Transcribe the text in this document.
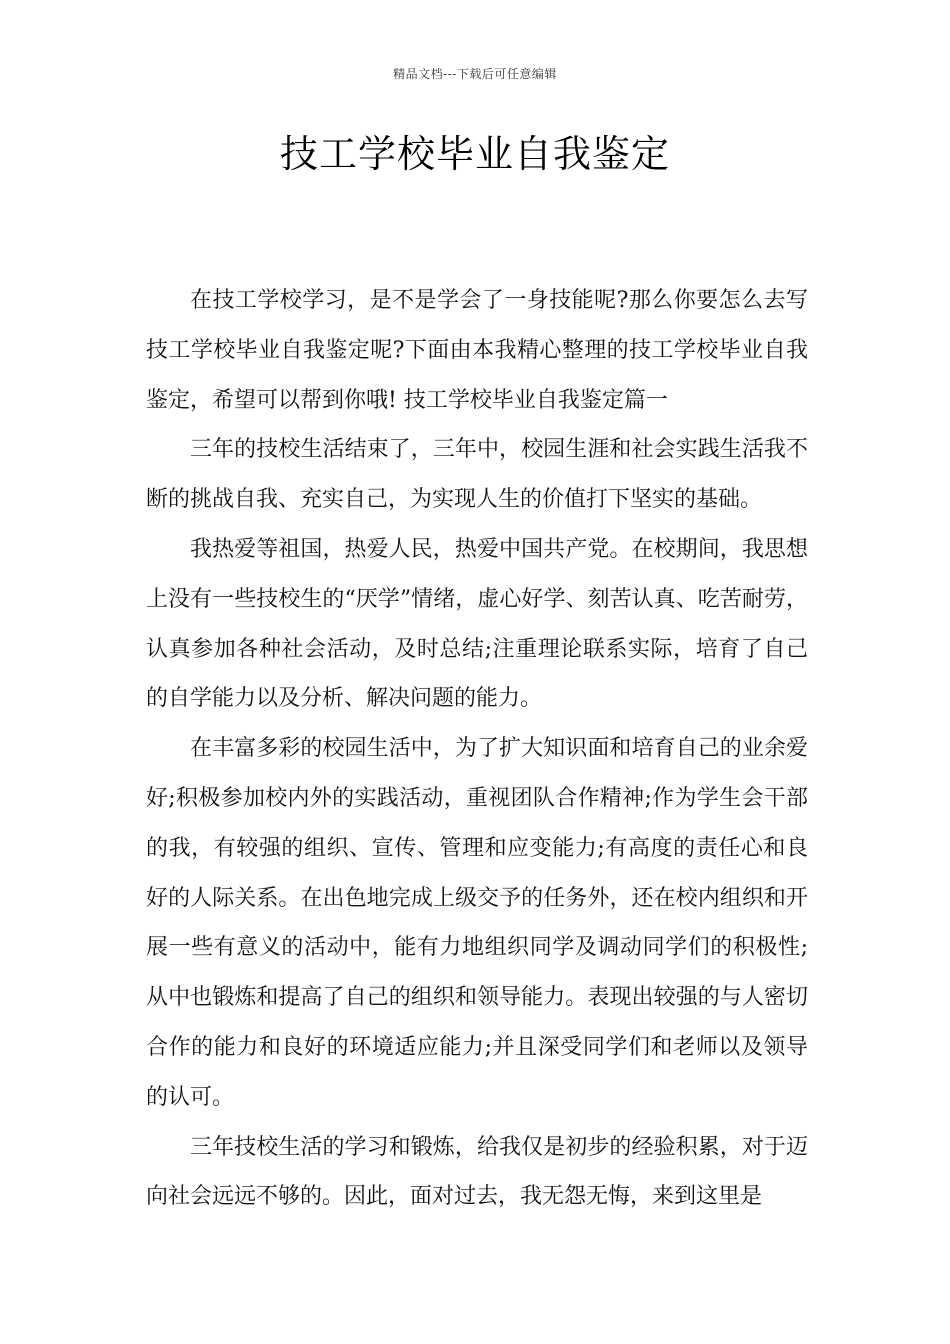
精品文档---下载后可任意编辑
技工学校毕业自我鉴定

在技工学校学习，是不是学会了一身技能呢?那么你要怎么去写技工学校毕业自我鉴定呢?下面由本我精心整理的技工学校毕业自我鉴定，希望可以帮到你哦! 技工学校毕业自我鉴定篇一

三年的技校生活结束了，三年中，校园生涯和社会实践生活我不断的挑战自我、充实自己，为实现人生的价值打下坚实的基础。

我热爱等祖国，热爱人民，热爱中国共产党。在校期间，我思想上没有一些技校生的“厌学”情绪，虚心好学、刻苦认真、吃苦耐劳，认真参加各种社会活动，及时总结;注重理论联系实际，培育了自己的自学能力以及分析、解决问题的能力。

在丰富多彩的校园生活中，为了扩大知识面和培育自己的业余爱好;积极参加校内外的实践活动，重视团队合作精神;作为学生会干部的我，有较强的组织、宣传、管理和应变能力;有高度的责任心和良好的人际关系。在出色地完成上级交予的任务外，还在校内组织和开展一些有意义的活动中，能有力地组织同学及调动同学们的积极性;从中也锻炼和提高了自己的组织和领导能力。表现出较强的与人密切合作的能力和良好的环境适应能力;并且深受同学们和老师以及领导的认可。

三年技校生活的学习和锻炼，给我仅是初步的经验积累，对于迈向社会远远不够的。因此，面对过去，我无怨无悔，来到这里是
